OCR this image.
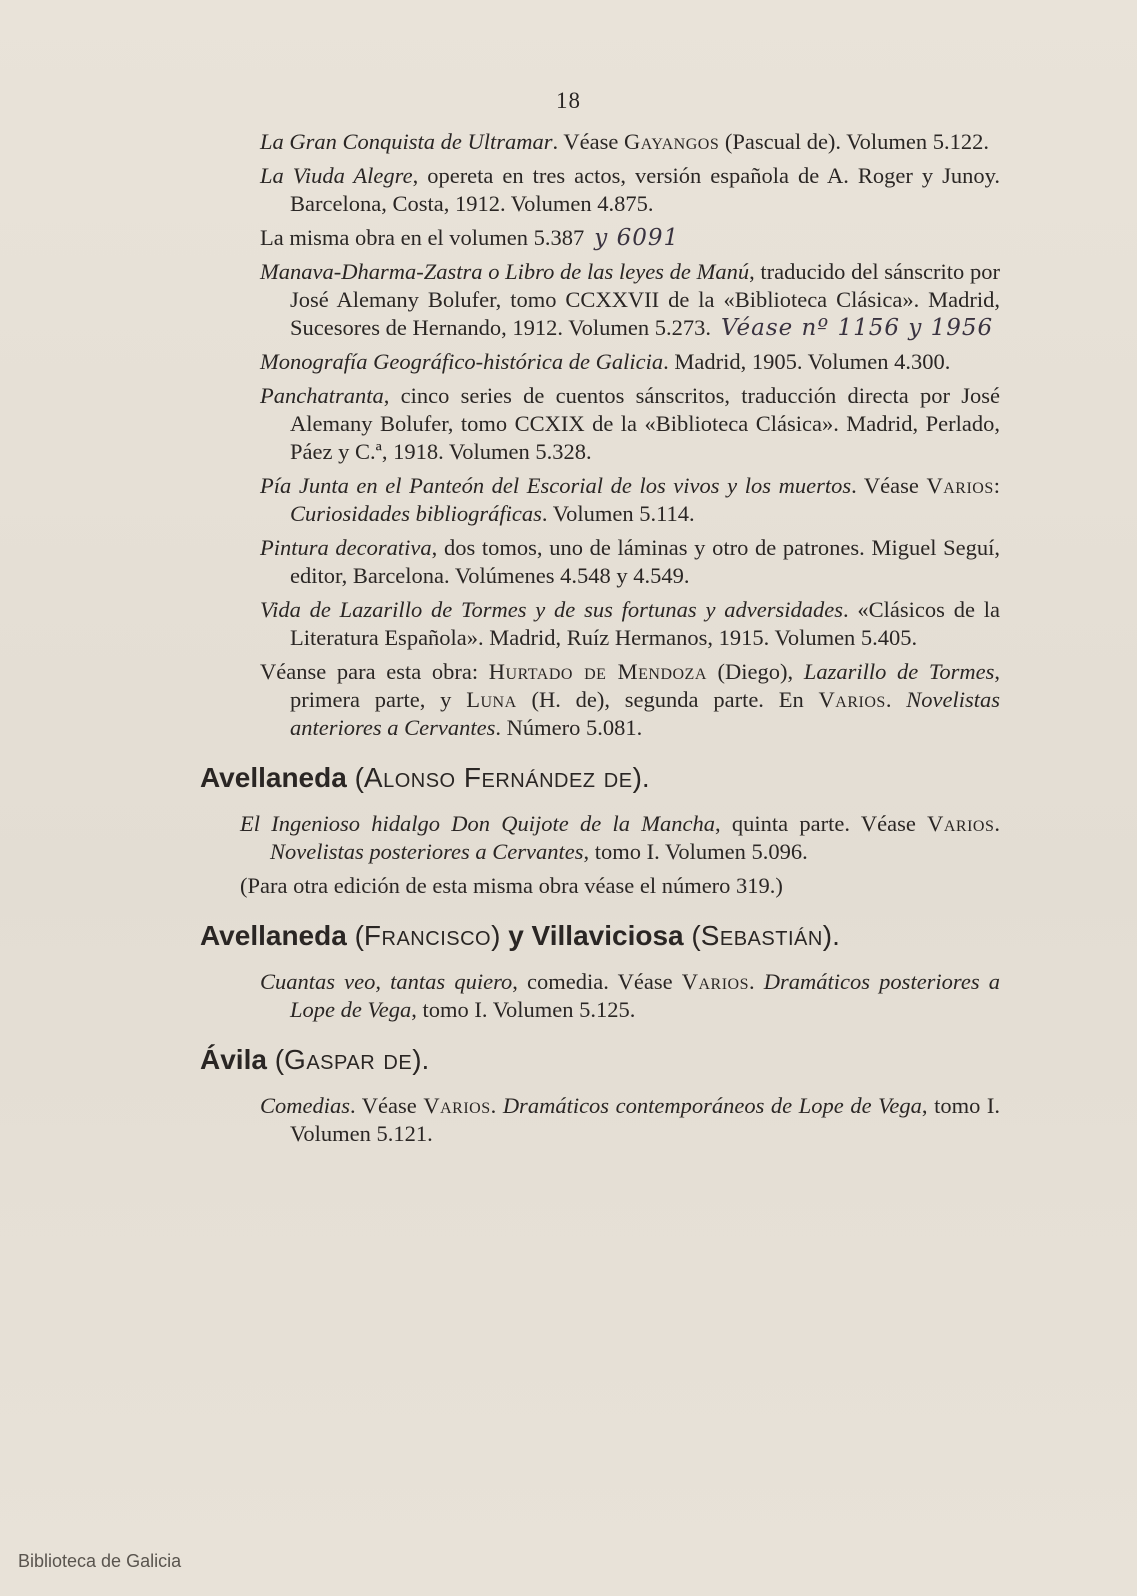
18

La Gran Conquista de Ultramar. Véase Gayangos (Pascual de). Volumen 5.122.

La Viuda Alegre, opereta en tres actos, versión española de A. Roger y Junoy. Barcelona, Costa, 1912. Volumen 4.875.

La misma obra en el volumen 5.387 y 6091

Manava-Dharma-Zastra o Libro de las leyes de Manú, traducido del sánscrito por José Alemany Bolufer, tomo CCXXVII de la «Biblioteca Clásica». Madrid, Sucesores de Hernando, 1912. Volumen 5.273. Véase nº 1156 y 1956

Monografía Geográfico-histórica de Galicia. Madrid, 1905. Volumen 4.300.

Panchatranta, cinco series de cuentos sánscritos, traducción directa por José Alemany Bolufer, tomo CCXIX de la «Biblioteca Clásica». Madrid, Perlado, Páez y C.ª, 1918. Volumen 5.328.

Pía Junta en el Panteón del Escorial de los vivos y los muertos. Véase Varios: Curiosidades bibliográficas. Volumen 5.114.

Pintura decorativa, dos tomos, uno de láminas y otro de patrones. Miguel Seguí, editor, Barcelona. Volúmenes 4.548 y 4.549.

Vida de Lazarillo de Tormes y de sus fortunas y adversidades. «Clásicos de la Literatura Española». Madrid, Ruíz Hermanos, 1915. Volumen 5.405.

Véanse para esta obra: Hurtado de Mendoza (Diego), Lazarillo de Tormes, primera parte, y Luna (H. de), segunda parte. En Varios. Novelistas anteriores a Cervantes. Número 5.081.

Avellaneda (Alonso Fernández de).

El Ingenioso hidalgo Don Quijote de la Mancha, quinta parte. Véase Varios. Novelistas posteriores a Cervantes, tomo I. Volumen 5.096.

(Para otra edición de esta misma obra véase el número 319.)

Avellaneda (Francisco) y Villaviciosa (Sebastián).

Cuantas veo, tantas quiero, comedia. Véase Varios. Dramáticos posteriores a Lope de Vega, tomo I. Volumen 5.125.

Ávila (Gaspar de).

Comedias. Véase Varios. Dramáticos contemporáneos de Lope de Vega, tomo I. Volumen 5.121.

Biblioteca de Galicia
